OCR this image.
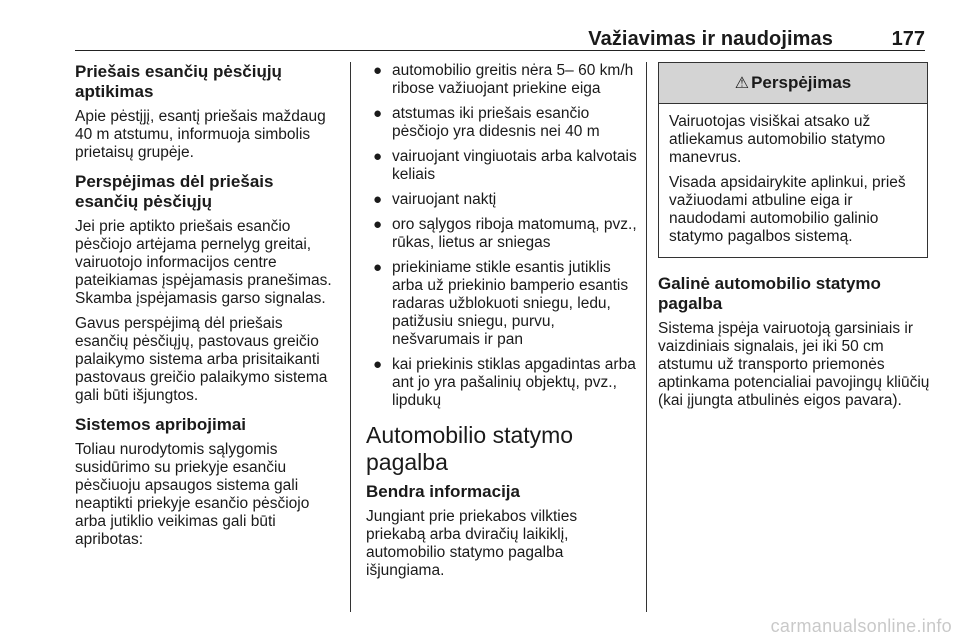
Važiavimas ir naudojimas	177
Priešais esančių pėsčiųjų aptikimas

Apie pėstįjį, esantį priešais maždaug 40 m atstumu, informuoja simbolis prietaisų grupėje.

Perspėjimas dėl priešais esančių pėsčiųjų

Jei prie aptikto priešais esančio pėsčiojo artėjama pernelyg greitai, vairuotojo informacijos centre pateikiamas įspėjamasis pranešimas. Skamba įspėjamasis garso signalas.

Gavus perspėjimą dėl priešais esančių pėsčiųjų, pastovaus greičio palaikymo sistema arba prisitaikanti pastovaus greičio palaikymo sistema gali būti išjungtos.

Sistemos apribojimai

Toliau nurodytomis sąlygomis susidūrimo su priekyje esančiu pėsčiuoju apsaugos sistema gali neaptikti priekyje esančio pėsčiojo arba jutiklio veikimas gali būti apribotas:

● automobilio greitis nėra 5– 60 km/h ribose važiuojant priekine eiga
● atstumas iki priešais esančio pėsčiojo yra didesnis nei 40 m
● vairuojant vingiuotais arba kalvotais keliais
● vairuojant naktį
● oro sąlygos riboja matomumą, pvz., rūkas, lietus ar sniegas
● priekiniame stikle esantis jutiklis arba už priekinio bamperio esantis radaras užblokuoti sniegu, ledu, patižusiu sniegu, purvu, nešvarumais ir pan
● kai priekinis stiklas apgadintas arba ant jo yra pašalinių objektų, pvz., lipdukų
Automobilio statymo pagalba
Bendra informacija

Jungiant prie priekabos vilkties priekabą arba dviračių laikiklį, automobilio statymo pagalba išjungiama.

⚠ Perspėjimas

Vairuotojas visiškai atsako už atliekamus automobilio statymo manevrus.

Visada apsidairykite aplinkui, prieš važiuodami atbuline eiga ir naudodami automobilio galinio statymo pagalbos sistemą.

Galinė automobilio statymo pagalba

Sistema įspėja vairuotoją garsiniais ir vaizdiniais signalais, jei iki 50 cm atstumu už transporto priemonės aptinkama potencialiai pavojingų kliūčių (kai įjungta atbulinės eigos pavara).

carmanualsonline.info
